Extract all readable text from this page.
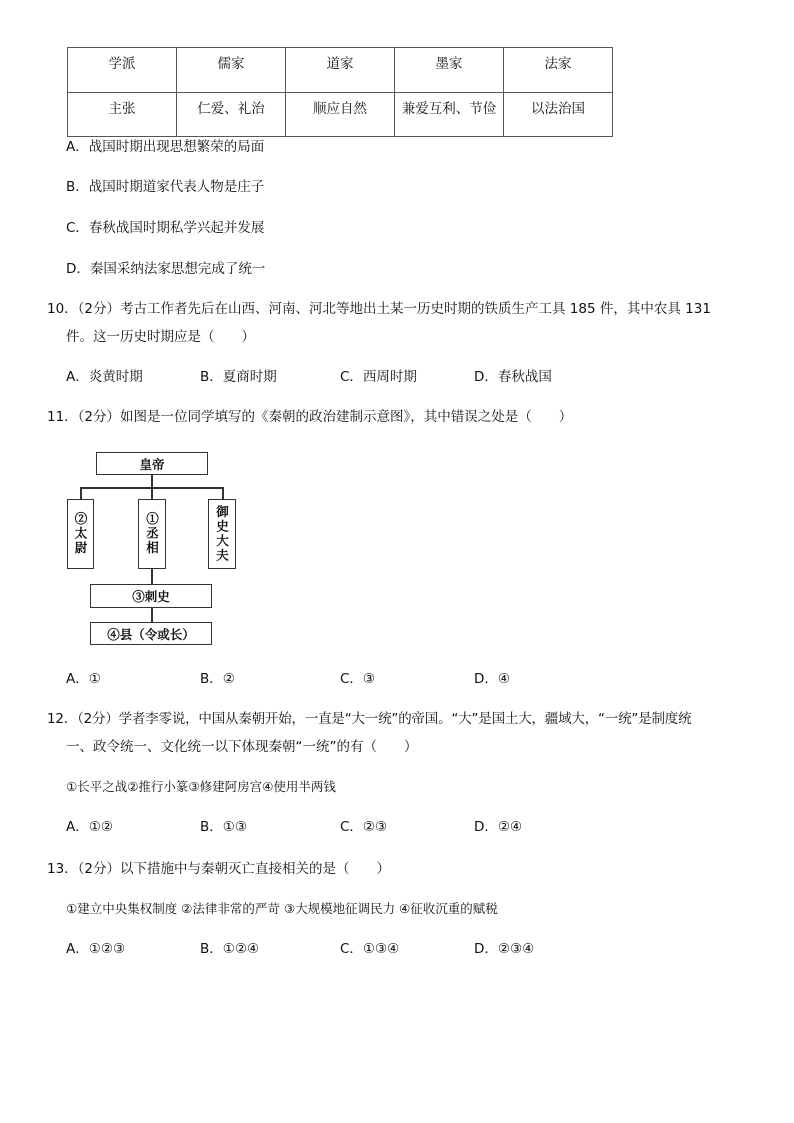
学派	儒家	道家	墨家	法家
主张	仁爱、礼治	顺应自然	兼爱互利、节俭	以法治国
A．战国时期出现思想繁荣的局面
B．战国时期道家代表人物是庄子
C．春秋战国时期私学兴起并发展
D．秦国采纳法家思想完成了统一
10．（2分）考古工作者先后在山西、河南、河北等地出土某一历史时期的铁质生产工具 185 件，其中农具 131
件。这一历史时期应是（　　）
A．炎黄时期	B．夏商时期	C．西周时期	D．春秋战国
11．（2分）如图是一位同学填写的《秦朝的政治建制示意图》，其中错误之处是（　　）
皇帝
②太尉	①丞相	御史大夫
③刺史
④县（令或长）
A．①	B．②	C．③	D．④
12．（2分）学者李零说，中国从秦朝开始，一直是“大一统”的帝国。“大”是国土大，疆域大，“一统”是制度统
一、政令统一、文化统一以下体现秦朝“一统”的有（　　）
①长平之战②推行小篆③修建阿房宫④使用半两钱
A．①②	B．①③	C．②③	D．②④
13．（2分）以下措施中与秦朝灭亡直接相关的是（　　）
①建立中央集权制度 ②法律非常的严苛 ③大规模地征调民力 ④征收沉重的赋税
A．①②③	B．①②④	C．①③④	D．②③④
